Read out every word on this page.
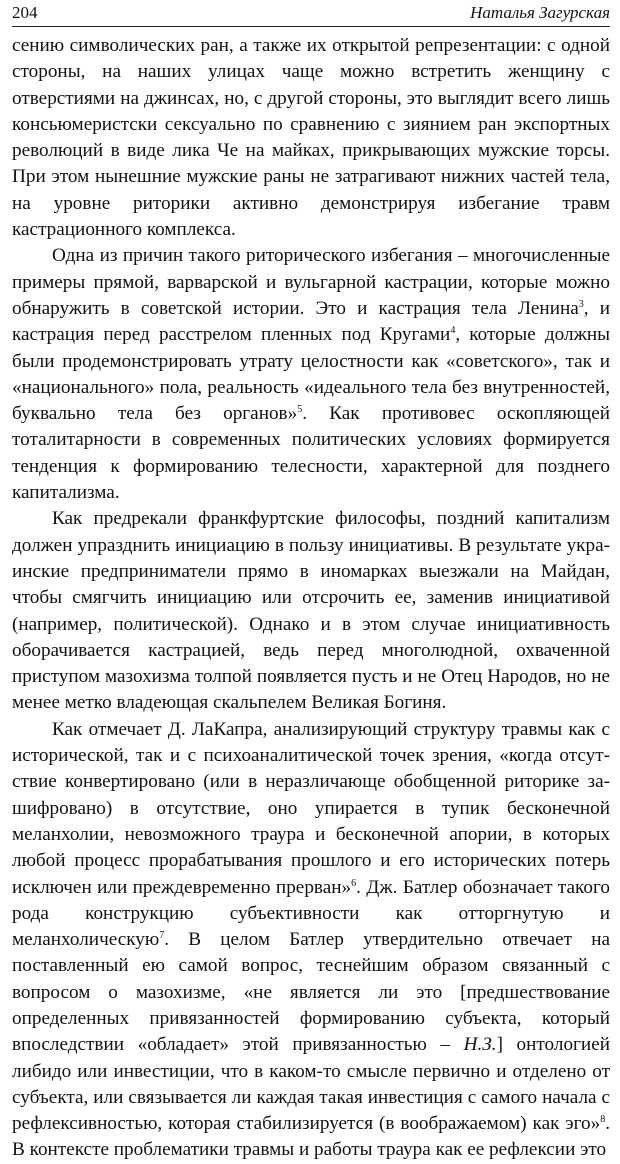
204	Наталья Загурская

сению символических ран, а также их открытой репрезентации: с одной стороны, на наших улицах чаще можно встретить женщину с отверстиями на джинсах, но, с другой стороны, это выглядит всего лишь консьюмеристски сексуально по сравнению с зиянием ран экспортных революций в виде лика Че на майках, прикрывающих мужские торсы. При этом нынешние мужские раны не затрагивают нижних частей тела, на уровне риторики активно демонстрируя избегание травм кастрационного комплекса.

Одна из причин такого риторического избегания – многочисленные примеры прямой, варварской и вульгарной кастрации, которые можно обнаружить в советской истории. Это и кастрация тела Ленина$^3$, и кастрация перед расстрелом пленных под Кругами$^4$, которые должны были продемонстрировать утрату целостности как «советского», так и «национального» пола, реальность «идеального тела без внутренностей, буквально тела без органов»$^5$. Как противовес оскопляющей тоталитарности в современных политических условиях формируется тенденция к формированию телесности, характерной для позднего капитализма.

Как предрекали франкфуртские философы, поздний капитализм должен упразднить инициацию в пользу инициативы. В результате украинские предприниматели прямо в иномарках выезжали на Майдан, чтобы смягчить инициацию или отсрочить ее, заменив инициативой (например, политической). Однако и в этом случае инициативность оборачивается кастрацией, ведь перед многолюдной, охваченной приступом мазохизма толпой появляется пусть и не Отец Народов, но не менее метко владеющая скальпелем Великая Богиня.

Как отмечает Д. ЛаКапра, анализирующий структуру травмы как с исторической, так и с психоаналитической точек зрения, «когда отсутствие конвертировано (или в неразличающе обобщенной риторике зашифровано) в отсутствие, оно упирается в тупик бесконечной меланхолии, невозможного траура и бесконечной апории, в которых любой процесс прорабатывания прошлого и его исторических потерь исключен или преждевременно прерван»$^6$. Дж. Батлер обозначает такого рода конструкцию субъективности как отторгнутую и меланхолическую$^7$. В целом Батлер утвердительно отвечает на поставленный ею самой вопрос, теснейшим образом связанный с вопросом о мазохизме, «не является ли это [предшествование определенных привязанностей формированию субъекта, который впоследствии «обладает» этой привязанностью – Н.З.] онтологией либидо или инвестиции, что в каком-то смысле первично и отделено от субъекта, или связывается ли каждая такая инвестиция с самого начала с рефлексивностью, которая стабилизируется (в воображаемом) как эго»$^8$. В контексте проблематики травмы и работы траура как ее рефлексии это
